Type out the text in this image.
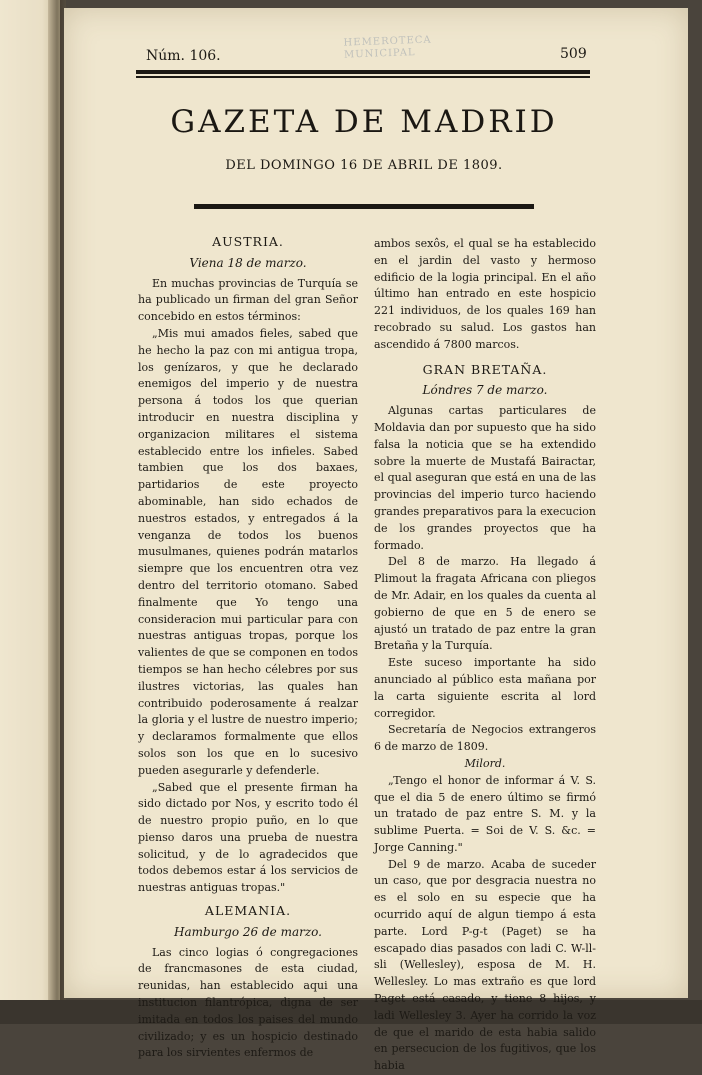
HEMEROTECA
MUNICIPAL
Núm. 106.	509
GAZETA DE MADRID
DEL DOMINGO 16 DE ABRIL DE 1809.

AUSTRIA.

Viena 18 de marzo.

En muchas provincias de Turquía se ha publicado un firman del gran Señor concebido en estos términos:

„Mis mui amados fieles, sabed que he hecho la paz con mi antigua tropa, los genízaros, y que he declarado enemigos del imperio y de nuestra persona á todos los que querian introducir en nuestra disciplina y organizacion militares el sistema establecido entre los infieles. Sabed tambien que los dos baxaes, partidarios de este proyecto abominable, han sido echados de nuestros estados, y entregados á la venganza de todos los buenos musulmanes, quienes podrán matarlos siempre que los encuentren otra vez dentro del territorio otomano. Sabed finalmente que Yo tengo una consideracion mui particular para con nuestras antiguas tropas, porque los valientes de que se componen en todos tiempos se han hecho célebres por sus ilustres victorias, las quales han contribuido poderosamente á realzar la gloria y el lustre de nuestro imperio; y declaramos formalmente que ellos solos son los que en lo sucesivo pueden asegurarle y defenderle.

„Sabed que el presente firman ha sido dictado por Nos, y escrito todo él de nuestro propio puño, en lo que pienso daros una prueba de nuestra solicitud, y de lo agradecidos que todos debemos estar á los servicios de nuestras antiguas tropas."

ALEMANIA.

Hamburgo 26 de marzo.

Las cinco logias ó congregaciones de francmasones de esta ciudad, reunidas, han establecido aqui una institucion filantrópica, digna de ser imitada en todos los paises del mundo civilizado; y es un hospicio destinado para los sirvientes enfermos de

ambos sexôs, el qual se ha establecido en el jardin del vasto y hermoso edificio de la logia principal. En el año último han entrado en este hospicio 221 individuos, de los quales 169 han recobrado su salud. Los gastos han ascendido á 7800 marcos.

GRAN BRETAÑA.

Lóndres 7 de marzo.

Algunas cartas particulares de Moldavia dan por supuesto que ha sido falsa la noticia que se ha extendido sobre la muerte de Mustafá Bairactar, el qual aseguran que está en una de las provincias del imperio turco haciendo grandes preparativos para la execucion de los grandes proyectos que ha formado.

Del 8 de marzo. Ha llegado á Plimout la fragata Africana con pliegos de Mr. Adair, en los quales da cuenta al gobierno de que en 5 de enero se ajustó un tratado de paz entre la gran Bretaña y la Turquía.

Este suceso importante ha sido anunciado al público esta mañana por la carta siguiente escrita al lord corregidor.

Secretaría de Negocios extrangeros 6 de marzo de 1809.

Milord.

„Tengo el honor de informar á V. S. que el dia 5 de enero último se firmó un tratado de paz entre S. M. y la sublime Puerta. = Soi de V. S. &c. = Jorge Canning."

Del 9 de marzo. Acaba de suceder un caso, que por desgracia nuestra no es el solo en su especie que ha ocurrido aquí de algun tiempo á esta parte. Lord P-g-t (Paget) se ha escapado dias pasados con ladi C. W-ll-sli (Wellesley), esposa de M. H. Wellesley. Lo mas extraño es que lord Paget está casado, y tiene 8 hijos, y ladi Wellesley 3. Ayer ha corrido la voz de que el marido de esta habia salido en persecucion de los fugitivos, que los habia
